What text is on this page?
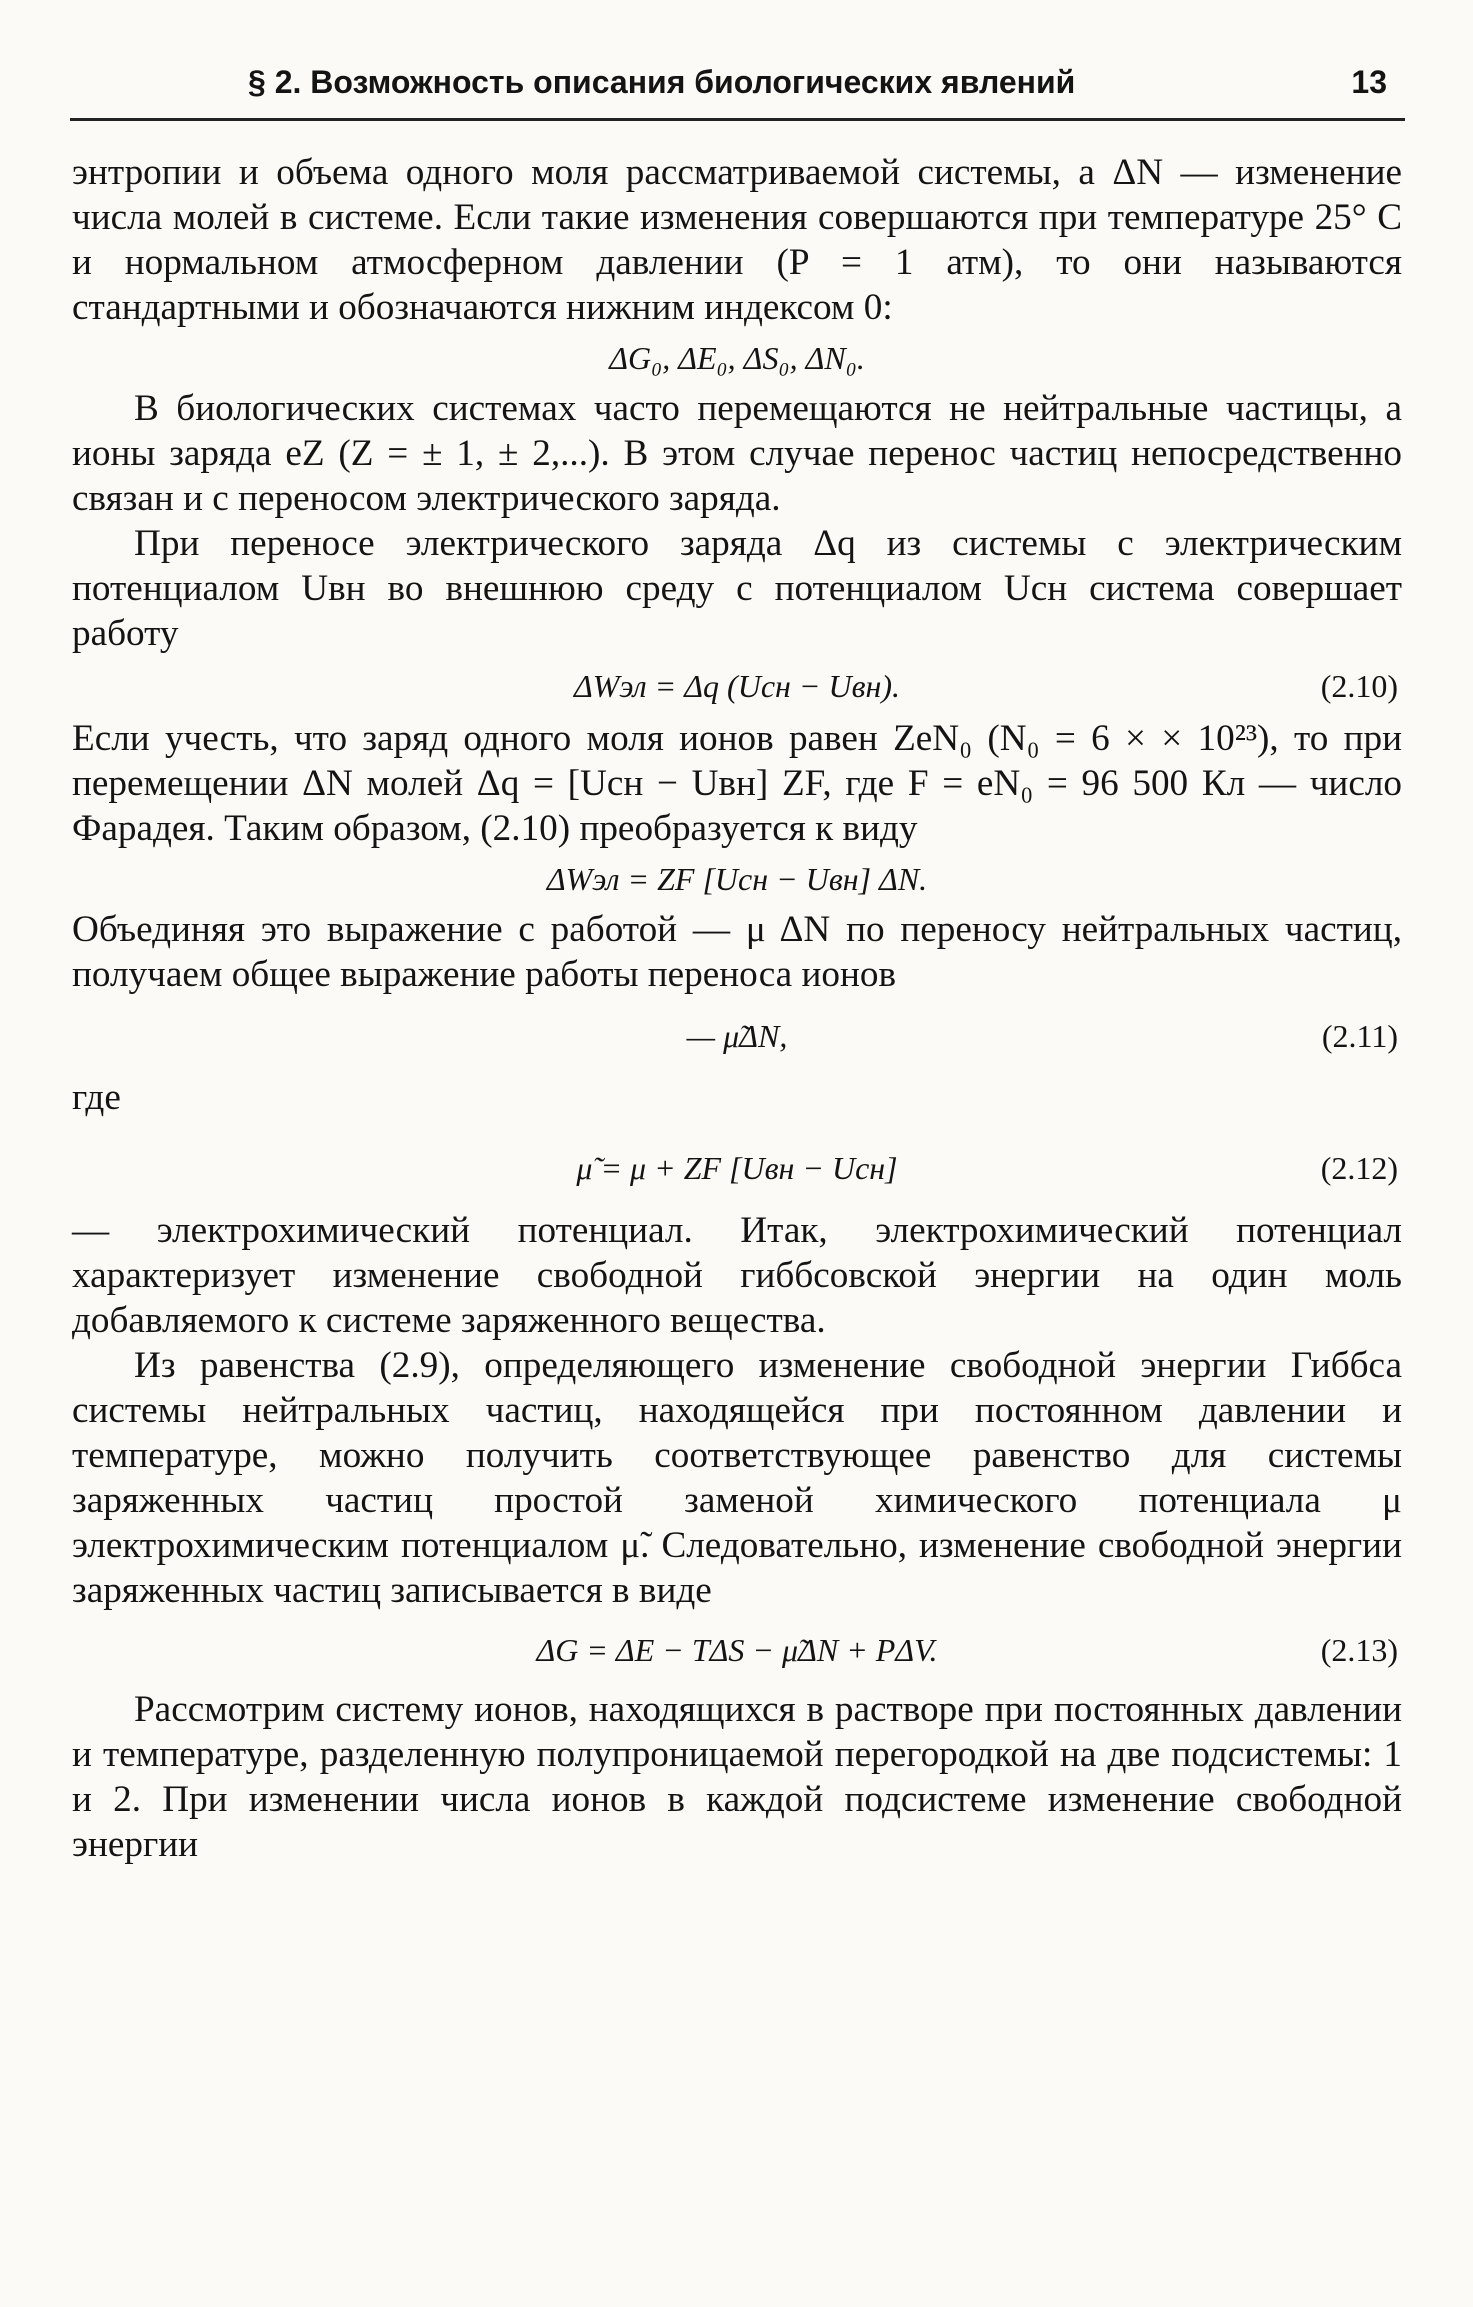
§ 2. Возможность описания биологических явлений	13

энтропии и объема одного моля рассматриваемой системы, а ΔN — изменение числа молей в системе. Если такие изменения совершаются при температуре 25° С и нормальном атмосферном давлении (P = 1 атм), то они называются стандартными и обозначаются нижним индексом 0:

ΔG₀, ΔE₀, ΔS₀, ΔN₀.

В биологических системах часто перемещаются не нейтральные частицы, а ионы заряда eZ (Z = ± 1, ± 2,...). В этом случае перенос частиц непосредственно связан и с переносом электрического заряда.

При переносе электрического заряда Δq из системы с электрическим потенциалом Uвн во внешнюю среду с потенциалом Uсн система совершает работу

ΔWэл = Δq (Uсн − Uвн).	(2.10)

Если учесть, что заряд одного моля ионов равен ZeN₀ (N₀ = 6 × × 10²³), то при перемещении ΔN молей Δq = [Uсн − Uвн] ZF, где F = eN₀ = 96 500 Кл — число Фарадея. Таким образом, (2.10) преобразуется к виду

ΔWэл = ZF [Uсн − Uвн] ΔN.

Объединяя это выражение с работой — μ ΔN по переносу нейтральных частиц, получаем общее выражение работы переноса ионов

— μ̃ΔN,	(2.11)

где

μ̃ = μ + ZF [Uвн − Uсн]	(2.12)

— электрохимический потенциал. Итак, электрохимический потенциал характеризует изменение свободной гиббсовской энергии на один моль добавляемого к системе заряженного вещества.

Из равенства (2.9), определяющего изменение свободной энергии Гиббса системы нейтральных частиц, находящейся при постоянном давлении и температуре, можно получить соответствующее равенство для системы заряженных частиц простой заменой химического потенциала μ электрохимическим потенциалом μ̃. Следовательно, изменение свободной энергии заряженных частиц записывается в виде

ΔG = ΔE − TΔS − μ̃ΔN + PΔV.	(2.13)

Рассмотрим систему ионов, находящихся в растворе при постоянных давлении и температуре, разделенную полупроницаемой перегородкой на две подсистемы: 1 и 2. При изменении числа ионов в каждой подсистеме изменение свободной энергии
